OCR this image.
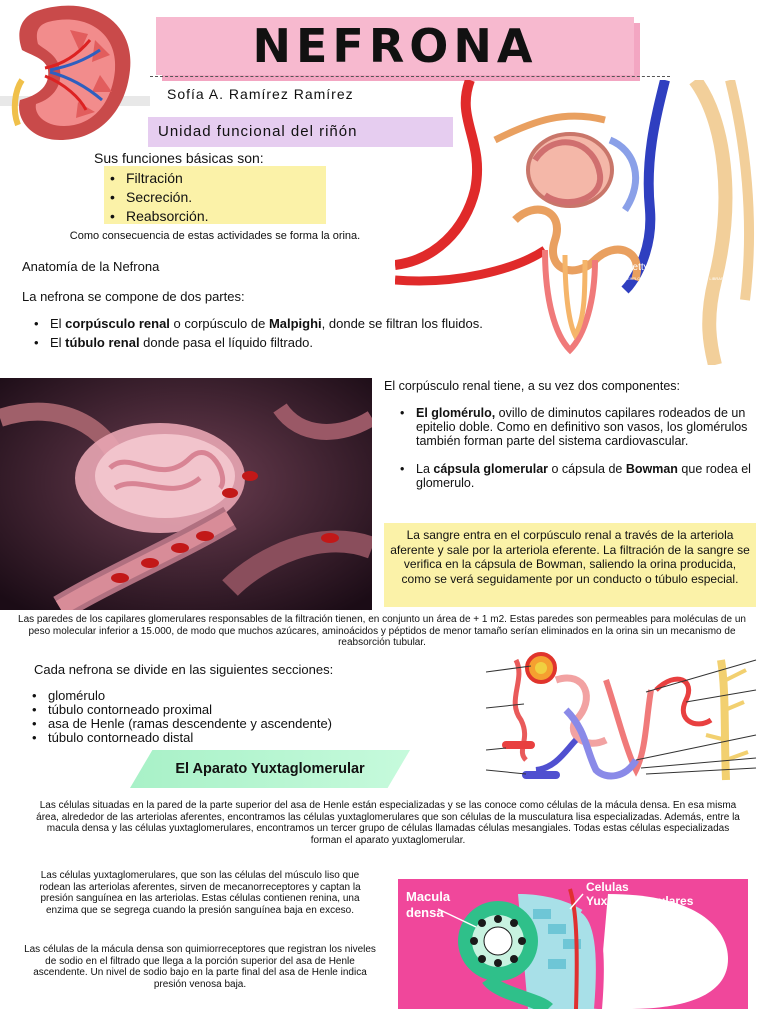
NEFRONA
Sofía A. Ramírez Ramírez
Unidad funcional del riñón
gettyimages
EXPLORISCIENTSTUDIO/SCIENCE PHOTO LIBRARY
Sus funciones básicas son:
• Filtración
• Secreción.
• Reabsorción.
Como consecuencia de estas actividades se forma la orina.
Anatomía de la Nefrona
La nefrona se compone de dos partes:
• El corpúsculo renal o corpúsculo de Malpighi, donde se filtran los fluidos.
• El túbulo renal donde pasa el líquido filtrado.
El corpúsculo renal tiene, a su vez dos componentes:
• El glomérulo, ovillo de diminutos capilares rodeados de un epitelio doble. Como en definitivo son vasos, los glomérulos también forman parte del sistema cardiovascular.
• La cápsula glomerular o cápsula de Bowman que rodea el glomerulo.
La sangre entra en el corpúsculo renal a través de la arteriola aferente y sale por la arteriola eferente. La filtración de la sangre se verifica en la cápsula de Bowman, saliendo la orina producida, como se verá seguidamente por un conducto o túbulo especial.
Las paredes de los capilares glomerulares responsables de la filtración tienen, en conjunto un área de + 1 m2. Estas paredes son permeables para moléculas de un peso molecular inferior a 15.000, de modo que muchos azúcares, aminoácidos y péptidos de menor tamaño serían eliminados en la orina sin un mecanismo de reabsorción tubular.
Cada nefrona se divide en las siguientes secciones:
• glomérulo
• túbulo contorneado proximal
• asa de Henle (ramas descendente y ascendente)
• túbulo contorneado distal
El Aparato Yuxtaglomerular
Las células situadas en la pared de la parte superior del asa de Henle están especializadas y se las conoce como células de la mácula densa. En esa misma área, alrededor de las arteriolas aferentes, encontramos las células yuxtaglomerulares que son células de la musculatura lisa especializadas. Además, entre la macula densa y las células yuxtaglomerulares, encontramos un tercer grupo de células llamadas células mesangiales. Todas estas células especializadas forman el aparato yuxtaglomerular.
Las células yuxtaglomerulares, que son las células del músculo liso que rodean las arteriolas aferentes, sirven de mecanorreceptores y captan la presión sanguínea en las arteriolas. Estas células contienen renina, una enzima que se segrega cuando la presión sanguínea baja en exceso.
Las células de la mácula densa son quimiorreceptores que registran los niveles de sodio en el filtrado que llega a la porción superior del asa de Henle ascendente. Un nivel de sodio bajo en la parte final del asa de Henle indica presión venosa baja.
Macula
densa
Celulas
Yuxtaglomerulares
